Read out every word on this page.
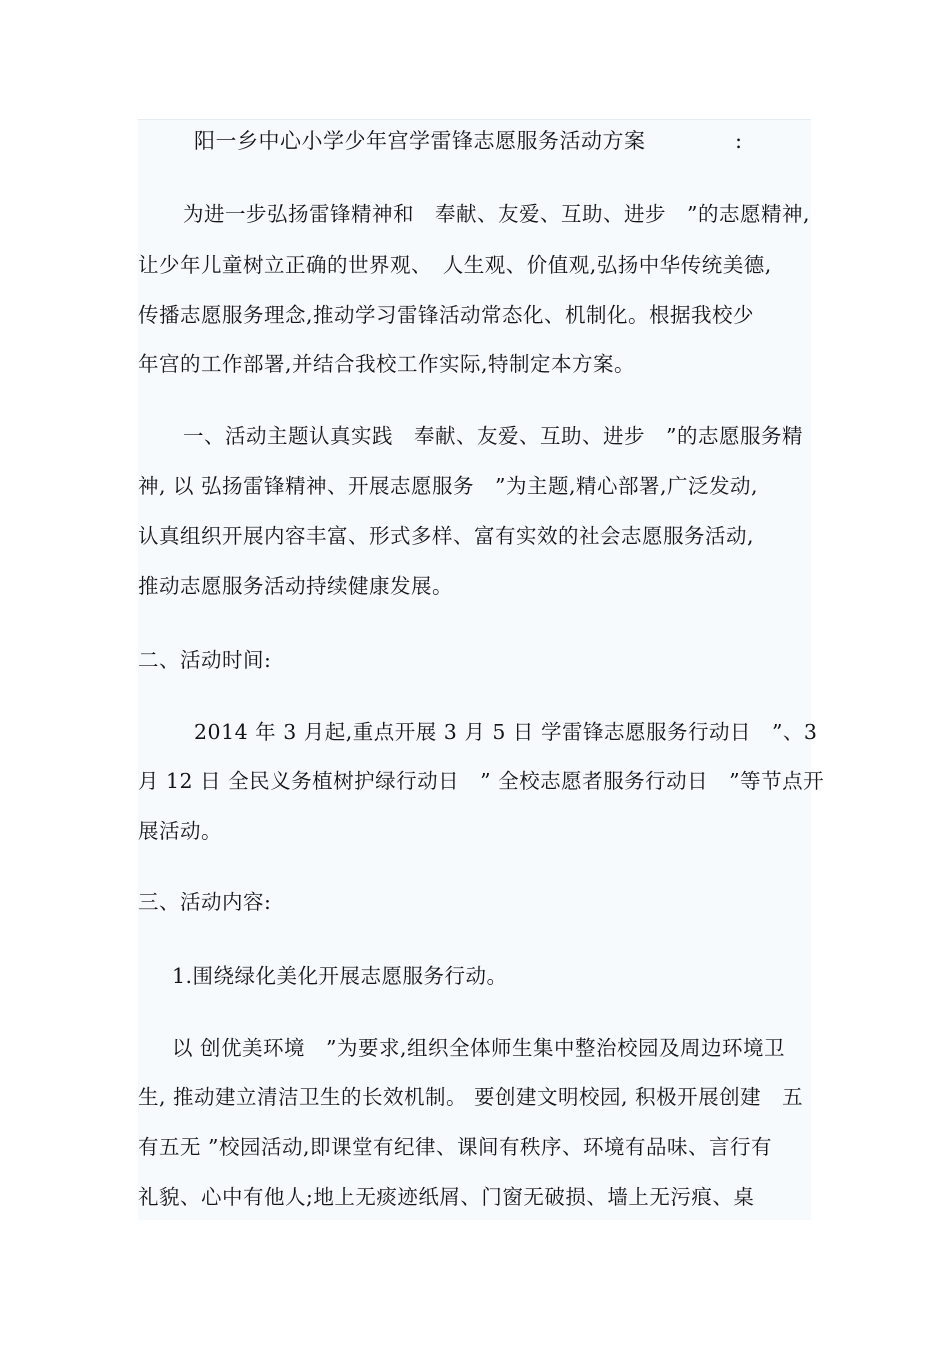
阳一乡中心小学少年宫学雷锋志愿服务活动方案	:
为进一步弘扬雷锋精神和　奉献、友爱、互助、进步　”的志愿精神,
让少年儿童树立正确的世界观、　人生观、价值观,弘扬中华传统美德,
传播志愿服务理念,推动学习雷锋活动常态化、机制化。根据我校少
年宫的工作部署,并结合我校工作实际,特制定本方案。
一、活动主题认真实践　奉献、友爱、互助、进步　”的志愿服务精
神, 以 弘扬雷锋精神、开展志愿服务　”为主题,精心部署,广泛发动,
认真组织开展内容丰富、形式多样、富有实效的社会志愿服务活动,
推动志愿服务活动持续健康发展。
二、活动时间:
2014 年 3 月起,重点开展 3 月 5 日 学雷锋志愿服务行动日　”、3
月 12 日 全民义务植树护绿行动日　” 全校志愿者服务行动日　”等节点开
展活动。
三、活动内容:
1.围绕绿化美化开展志愿服务行动。
以 创优美环境　”为要求,组织全体师生集中整治校园及周边环境卫
生, 推动建立清洁卫生的长效机制。 要创建文明校园, 积极开展创建　五
有五无 ”校园活动,即课堂有纪律、课间有秩序、环境有品味、言行有
礼貌、心中有他人;地上无痰迹纸屑、门窗无破损、墙上无污痕、桌
